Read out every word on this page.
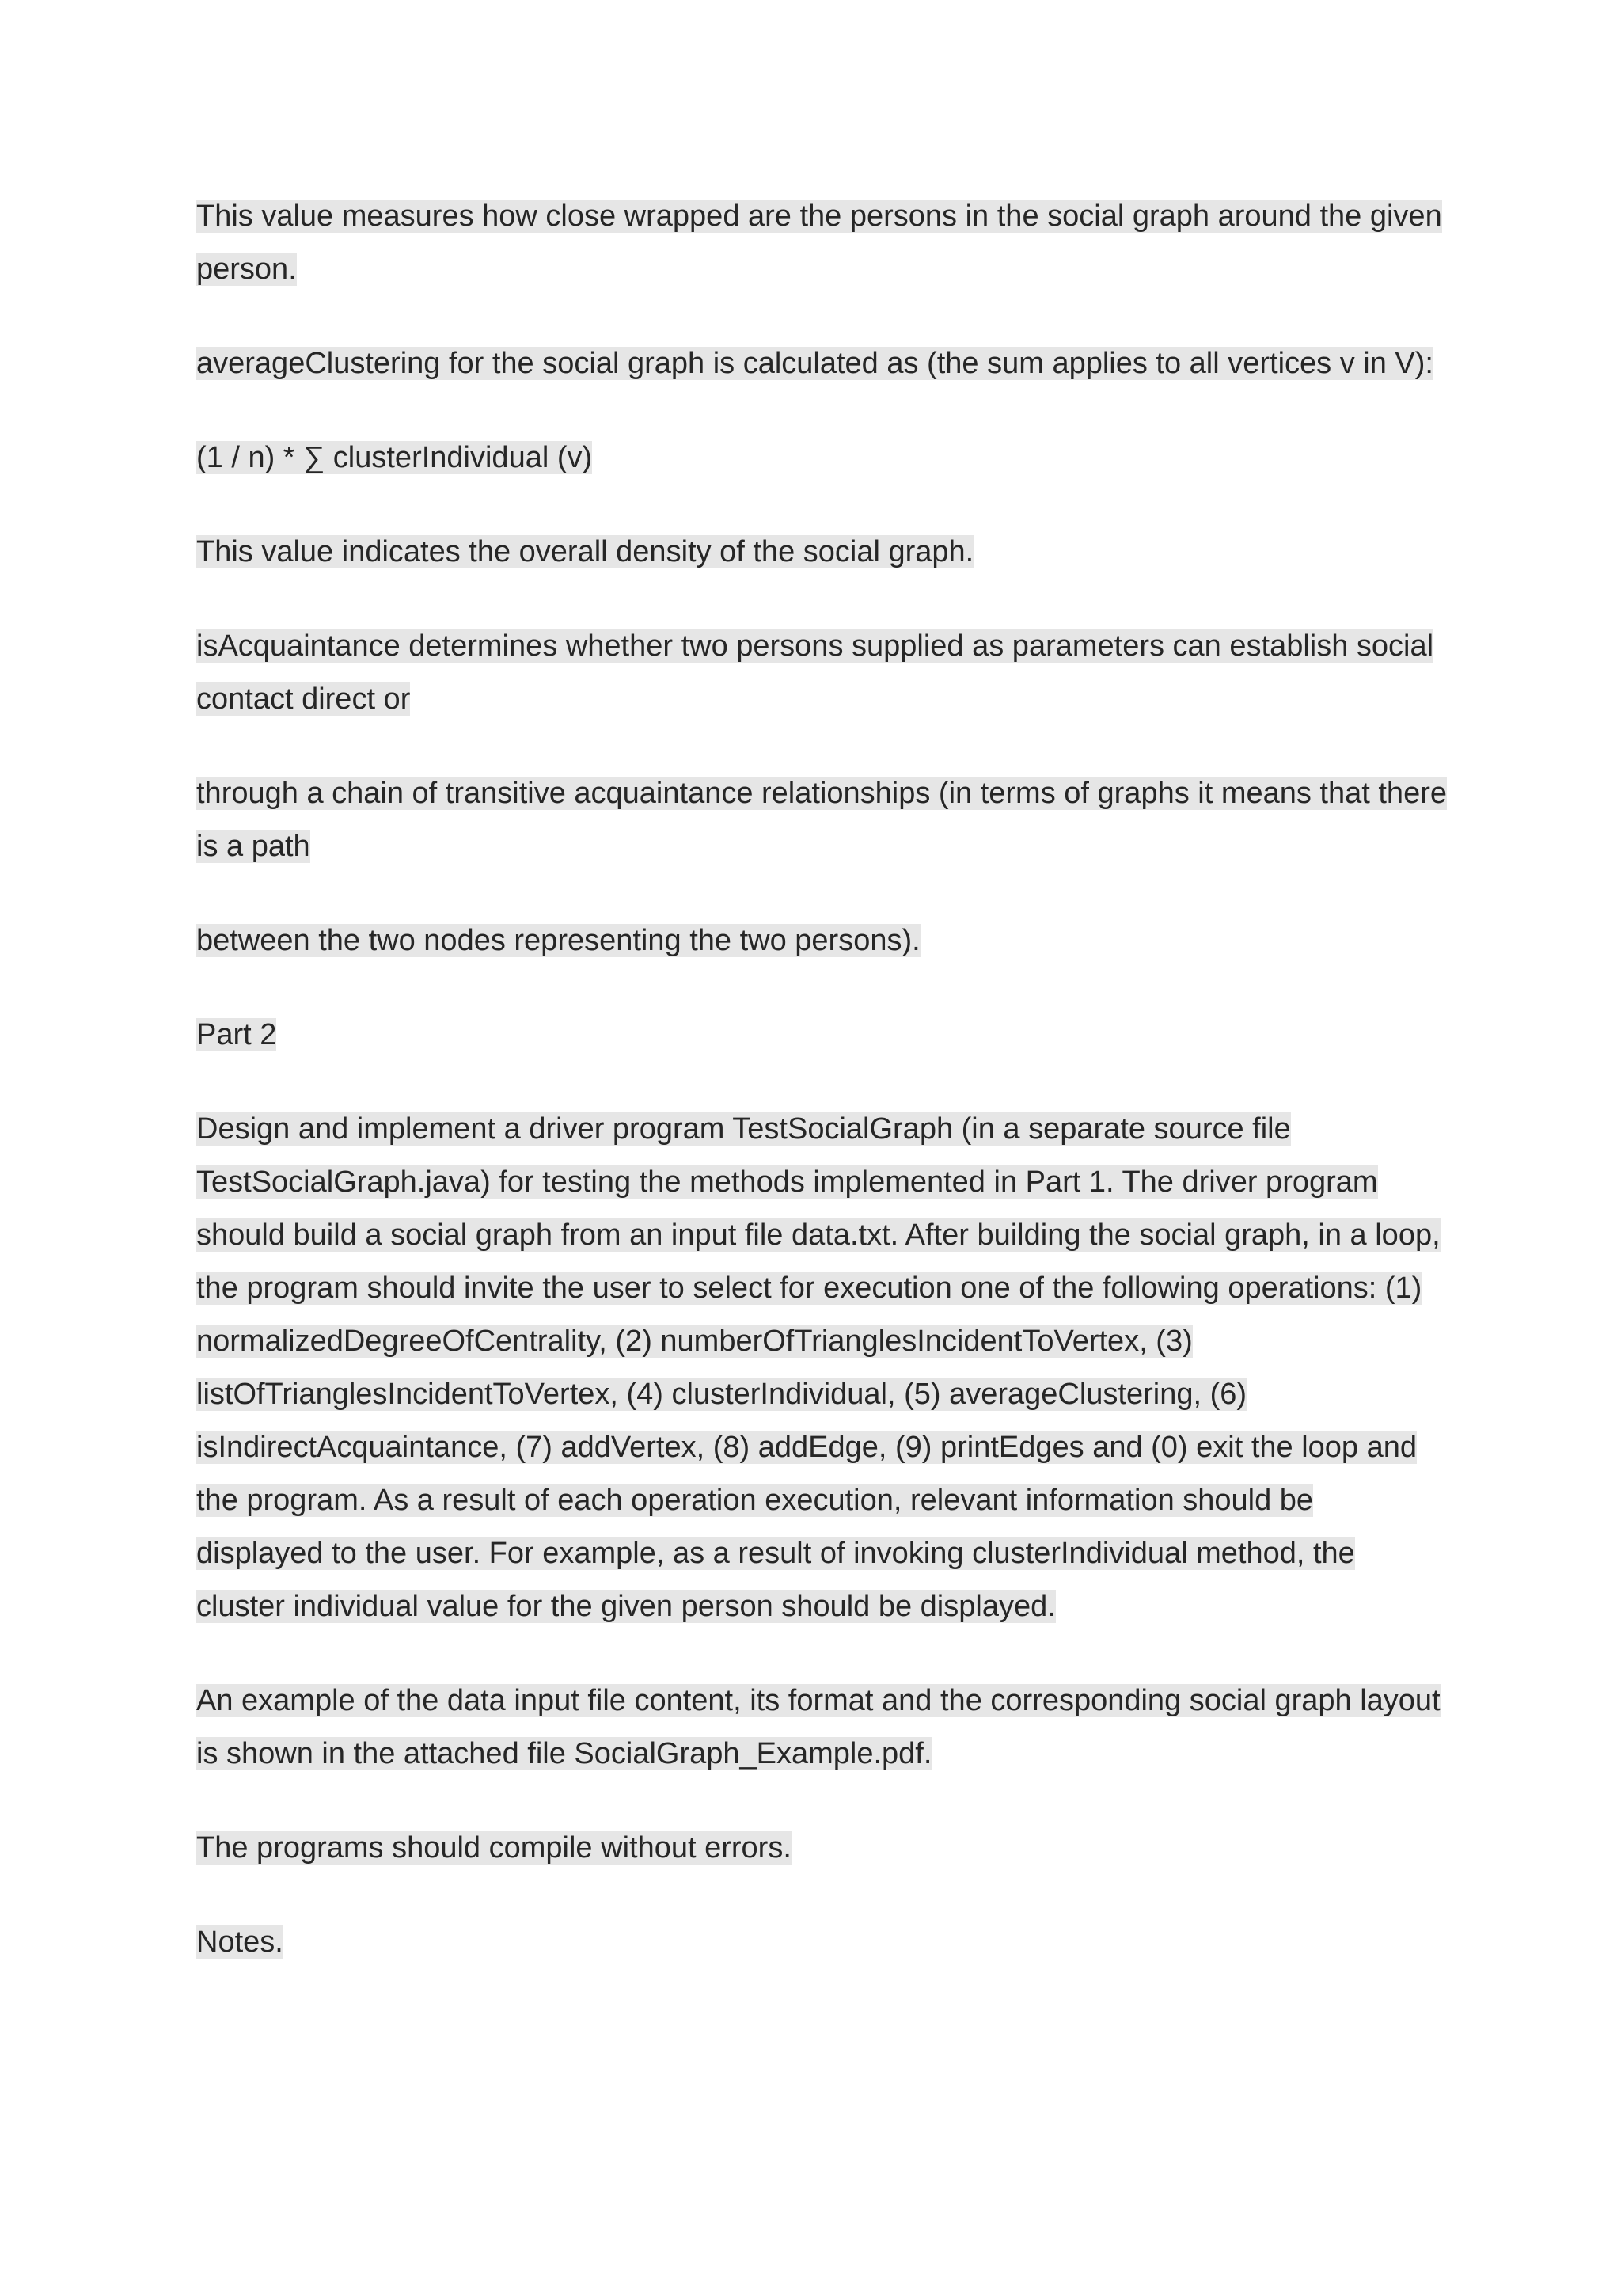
This value measures how close wrapped are the persons in the social graph around the given person.

averageClustering for the social graph is calculated as (the sum applies to all vertices v in V):

(1 / n) * ∑ clusterIndividual (v)

This value indicates the overall density of the social graph.

isAcquaintance determines whether two persons supplied as parameters can establish social contact direct or

through a chain of transitive acquaintance relationships (in terms of graphs it means that there is a path

between the two nodes representing the two persons).

Part 2

Design and implement a driver program TestSocialGraph (in a separate source file TestSocialGraph.java) for testing the methods implemented in Part 1. The driver program should build a social graph from an input file data.txt. After building the social graph, in a loop, the program should invite the user to select for execution one of the following operations: (1) normalizedDegreeOfCentrality, (2) numberOfTrianglesIncidentToVertex, (3) listOfTrianglesIncidentToVertex, (4) clusterIndividual, (5) averageClustering, (6) isIndirectAcquaintance, (7) addVertex, (8) addEdge, (9) printEdges and (0) exit the loop and the program. As a result of each operation execution, relevant information should be displayed to the user. For example, as a result of invoking clusterIndividual method, the cluster individual value for the given person should be displayed.

An example of the data input file content, its format and the corresponding social graph layout is shown in the attached file SocialGraph_Example.pdf.

The programs should compile without errors.

Notes.
